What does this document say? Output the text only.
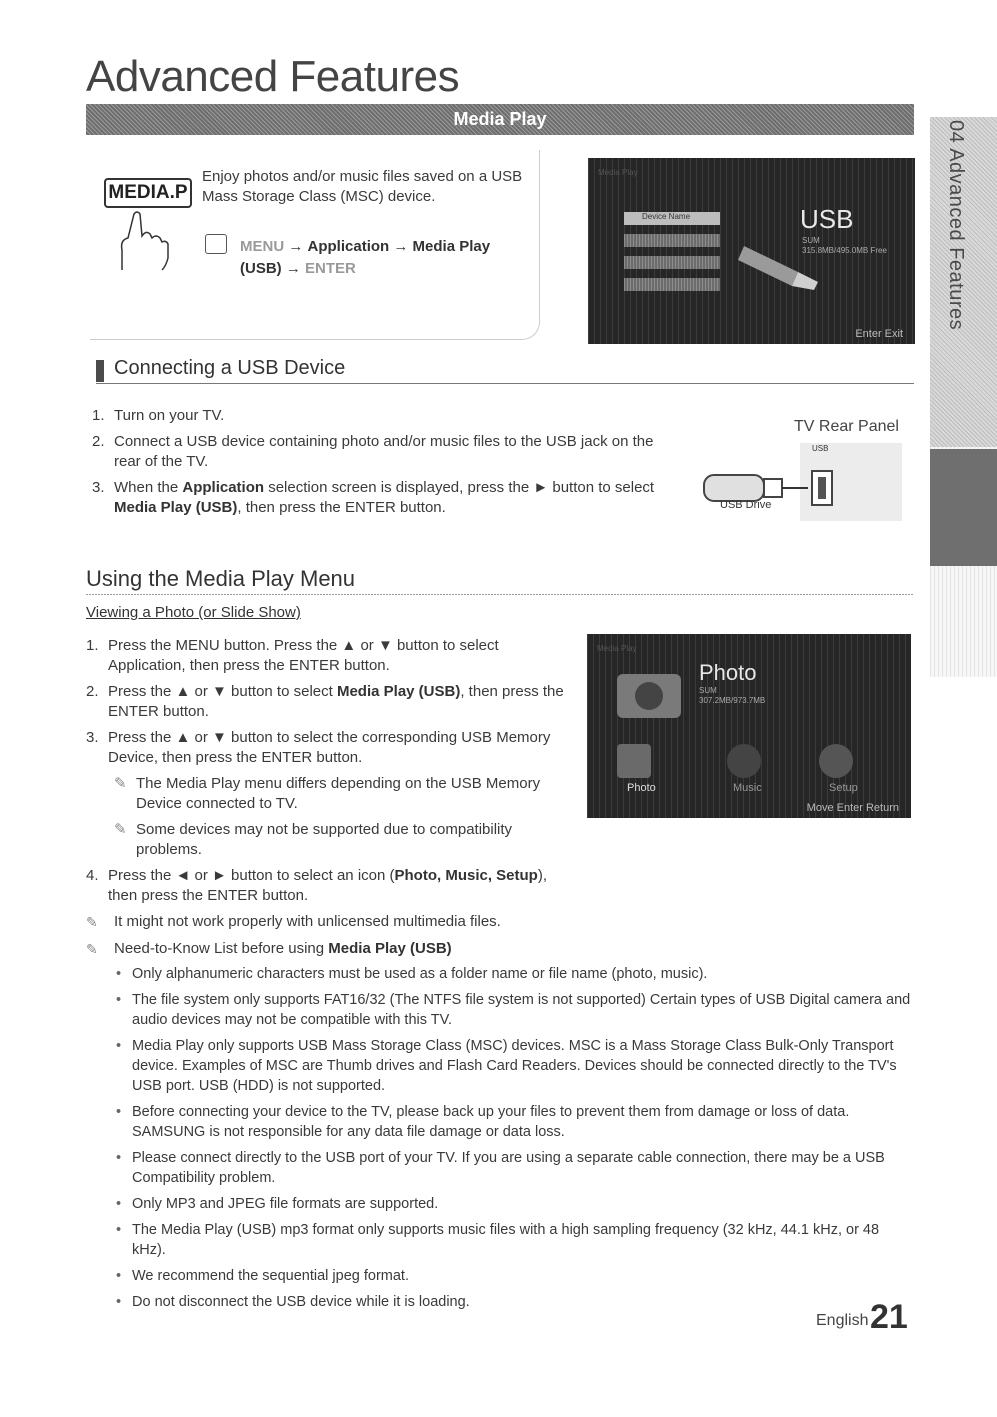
Advanced Features
Media Play
04 Advanced Features
MEDIA.P
Enjoy photos and/or music files saved on a USB Mass Storage Class (MSC) device.
MENU → Application → Media Play
(USB) → ENTER
Media Play
Device Name	USB
SUM
315.8MB/495.0MB Free
Enter Exit
Connecting a USB Device
1. Turn on your TV.
2. Connect a USB device containing photo and/or music files to the USB jack on the rear of the TV.
3. When the Application selection screen is displayed, press the ► button to select Media Play (USB), then press the ENTER button.
TV Rear Panel
USB Drive
USB
Using the Media Play Menu
Viewing a Photo (or Slide Show)
1. Press the MENU button. Press the ▲ or ▼ button to select Application, then press the ENTER button.
2. Press the ▲ or ▼ button to select Media Play (USB), then press the ENTER button.
3. Press the ▲ or ▼ button to select the corresponding USB Memory Device, then press the ENTER button.
✎ The Media Play menu differs depending on the USB Memory Device connected to TV.
✎ Some devices may not be supported due to compatibility problems.
4. Press the ◄ or ► button to select an icon (Photo, Music, Setup), then press the ENTER button.
Media Play
Photo
SUM
307.2MB/973.7MB
Photo	Music	Setup
Move Enter Return
✎ It might not work properly with unlicensed multimedia files.
✎ Need-to-Know List before using Media Play (USB)
• Only alphanumeric characters must be used as a folder name or file name (photo, music).
• The file system only supports FAT16/32 (The NTFS file system is not supported) Certain types of USB Digital camera and audio devices may not be compatible with this TV.
• Media Play only supports USB Mass Storage Class (MSC) devices. MSC is a Mass Storage Class Bulk-Only Transport device. Examples of MSC are Thumb drives and Flash Card Readers. Devices should be connected directly to the TV's USB port. USB (HDD) is not supported.
• Before connecting your device to the TV, please back up your files to prevent them from damage or loss of data. SAMSUNG is not responsible for any data file damage or data loss.
• Please connect directly to the USB port of your TV. If you are using a separate cable connection, there may be a USB Compatibility problem.
• Only MP3 and JPEG file formats are supported.
• The Media Play (USB) mp3 format only supports music files with a high sampling frequency (32 kHz, 44.1 kHz, or 48 kHz).
• We recommend the sequential jpeg format.
• Do not disconnect the USB device while it is loading.
English 21
